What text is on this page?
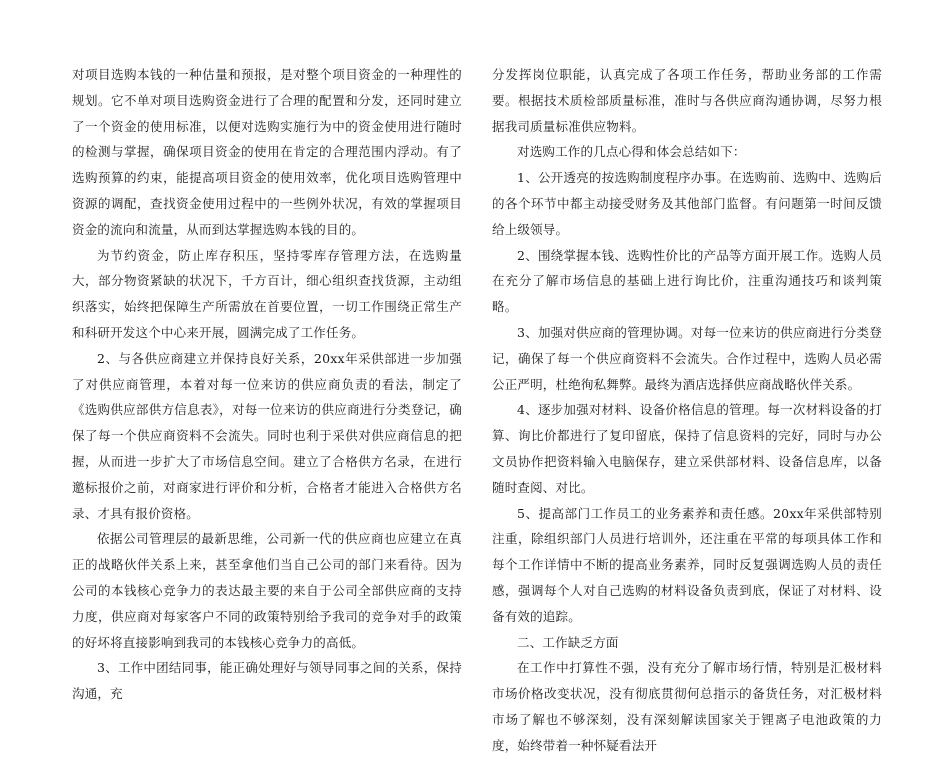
对项目选购本钱的一种估量和预报，是对整个项目资金的一种理性的规划。它不单对项目选购资金进行了合理的配置和分发，还同时建立了一个资金的使用标准，以便对选购实施行为中的资金使用进行随时的检测与掌握，确保项目资金的使用在肯定的合理范围内浮动。有了选购预算的约束，能提高项目资金的使用效率，优化项目选购管理中资源的调配，查找资金使用过程中的一些例外状况，有效的掌握项目资金的流向和流量，从而到达掌握选购本钱的目的。

为节约资金，防止库存积压，坚持零库存管理方法，在选购量大，部分物资紧缺的状况下，千方百计，细心组织查找货源，主动组织落实，始终把保障生产所需放在首要位置，一切工作围绕正常生产和科研开发这个中心来开展，圆满完成了工作任务。

2、与各供应商建立并保持良好关系，20xx年采供部进一步加强了对供应商管理，本着对每一位来访的供应商负责的看法，制定了《选购供应部供方信息表》，对每一位来访的供应商进行分类登记，确保了每一个供应商资料不会流失。同时也利于采供对供应商信息的把握，从而进一步扩大了市场信息空间。建立了合格供方名录，在进行邀标报价之前，对商家进行评价和分析，合格者才能进入合格供方名录、才具有报价资格。

依据公司管理层的最新思维，公司新一代的供应商也应建立在真正的战略伙伴关系上来，甚至拿他们当自己公司的部门来看待。因为公司的本钱核心竞争力的表达最主要的来自于公司全部供应商的支持力度，供应商对每家客户不同的政策特别给予我司的竞争对手的政策的好坏将直接影响到我司的本钱核心竞争力的高低。

3、工作中团结同事，能正确处理好与领导同事之间的关系，保持沟通，充

分发挥岗位职能，认真完成了各项工作任务，帮助业务部的工作需要。根据技术质检部质量标准，准时与各供应商沟通协调，尽努力根据我司质量标准供应物料。

对选购工作的几点心得和体会总结如下：

1、公开透亮的按选购制度程序办事。在选购前、选购中、选购后的各个环节中都主动接受财务及其他部门监督。有问题第一时间反馈给上级领导。

2、围绕掌握本钱、选购性价比的产品等方面开展工作。选购人员在充分了解市场信息的基础上进行询比价，注重沟通技巧和谈判策略。

3、加强对供应商的管理协调。对每一位来访的供应商进行分类登记，确保了每一个供应商资料不会流失。合作过程中，选购人员必需公正严明，杜绝徇私舞弊。最终为酒店选择供应商战略伙伴关系。

4、逐步加强对材料、设备价格信息的管理。每一次材料设备的打算、询比价都进行了复印留底，保持了信息资料的完好，同时与办公文员协作把资料输入电脑保存，建立采供部材料、设备信息库，以备随时查阅、对比。

5、提高部门工作员工的业务素养和责任感。20xx年采供部特别注重，除组织部门人员进行培训外，还注重在平常的每项具体工作和每个工作详情中不断的提高业务素养，同时反复强调选购人员的责任感，强调每个人对自己选购的材料设备负责到底，保证了对材料、设备有效的追踪。

二、工作缺乏方面

在工作中打算性不强，没有充分了解市场行情，特别是汇极材料市场价格改变状况，没有彻底贯彻何总指示的备货任务，对汇极材料市场了解也不够深刻，没有深刻解读国家关于锂离子电池政策的力度，始终带着一种怀疑看法开
